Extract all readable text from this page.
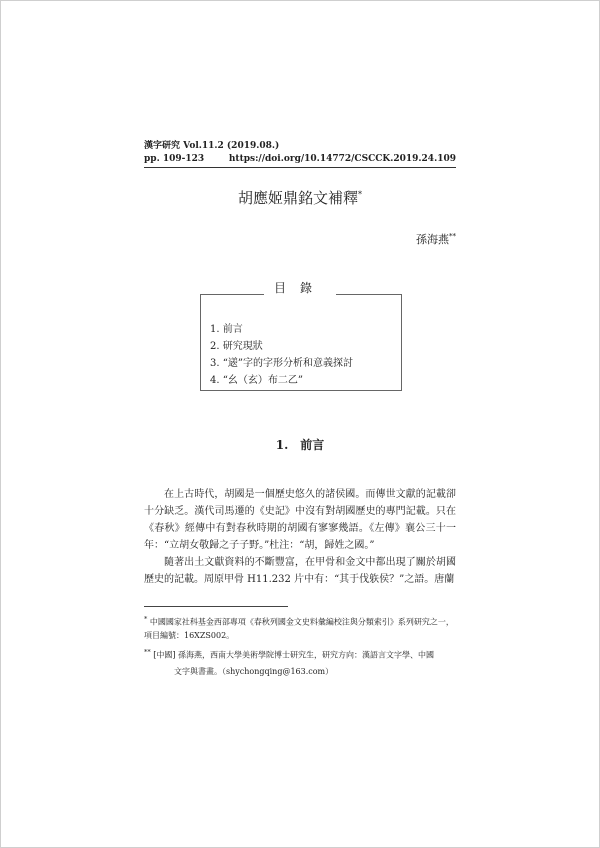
漢字研究 Vol.11.2 (2019.08.)
pp. 109-123	https://doi.org/10.14772/CSCCK.2019.24.109
胡應姬鼎銘文補釋*
孫海燕**
目錄
1. 前言
2. 研究現狀
3. “䢭”字的字形分析和意義探討
4. “幺（玄）布二乙”
1.　前言

在上古時代，胡國是一個歷史悠久的諸侯國。而傳世文獻的記載卻十分缺乏。漢代司馬遷的《史記》中沒有對胡國歷史的專門記載。只在《春秋》經傳中有對春秋時期的胡國有寥寥幾語。《左傳》襄公三十一年：“立胡女敬歸之子子野。”杜注：“胡，歸姓之國。”

隨著出土文獻資料的不斷豐富，在甲骨和金文中都出現了關於胡國歷史的記載。周原甲骨 H11.232 片中有：“其于伐䠶侯？”之語。唐蘭

* 中國國家社科基金西部專項《春秋列國金文史料彙編校注與分類索引》系列研究之一，項目編號：16XZS002。

** [中國] 孫海燕，西南大學美術學院博士研究生，研究方向：漢語言文字學、中國

文字與書畫。（shychongqing@163.com）
